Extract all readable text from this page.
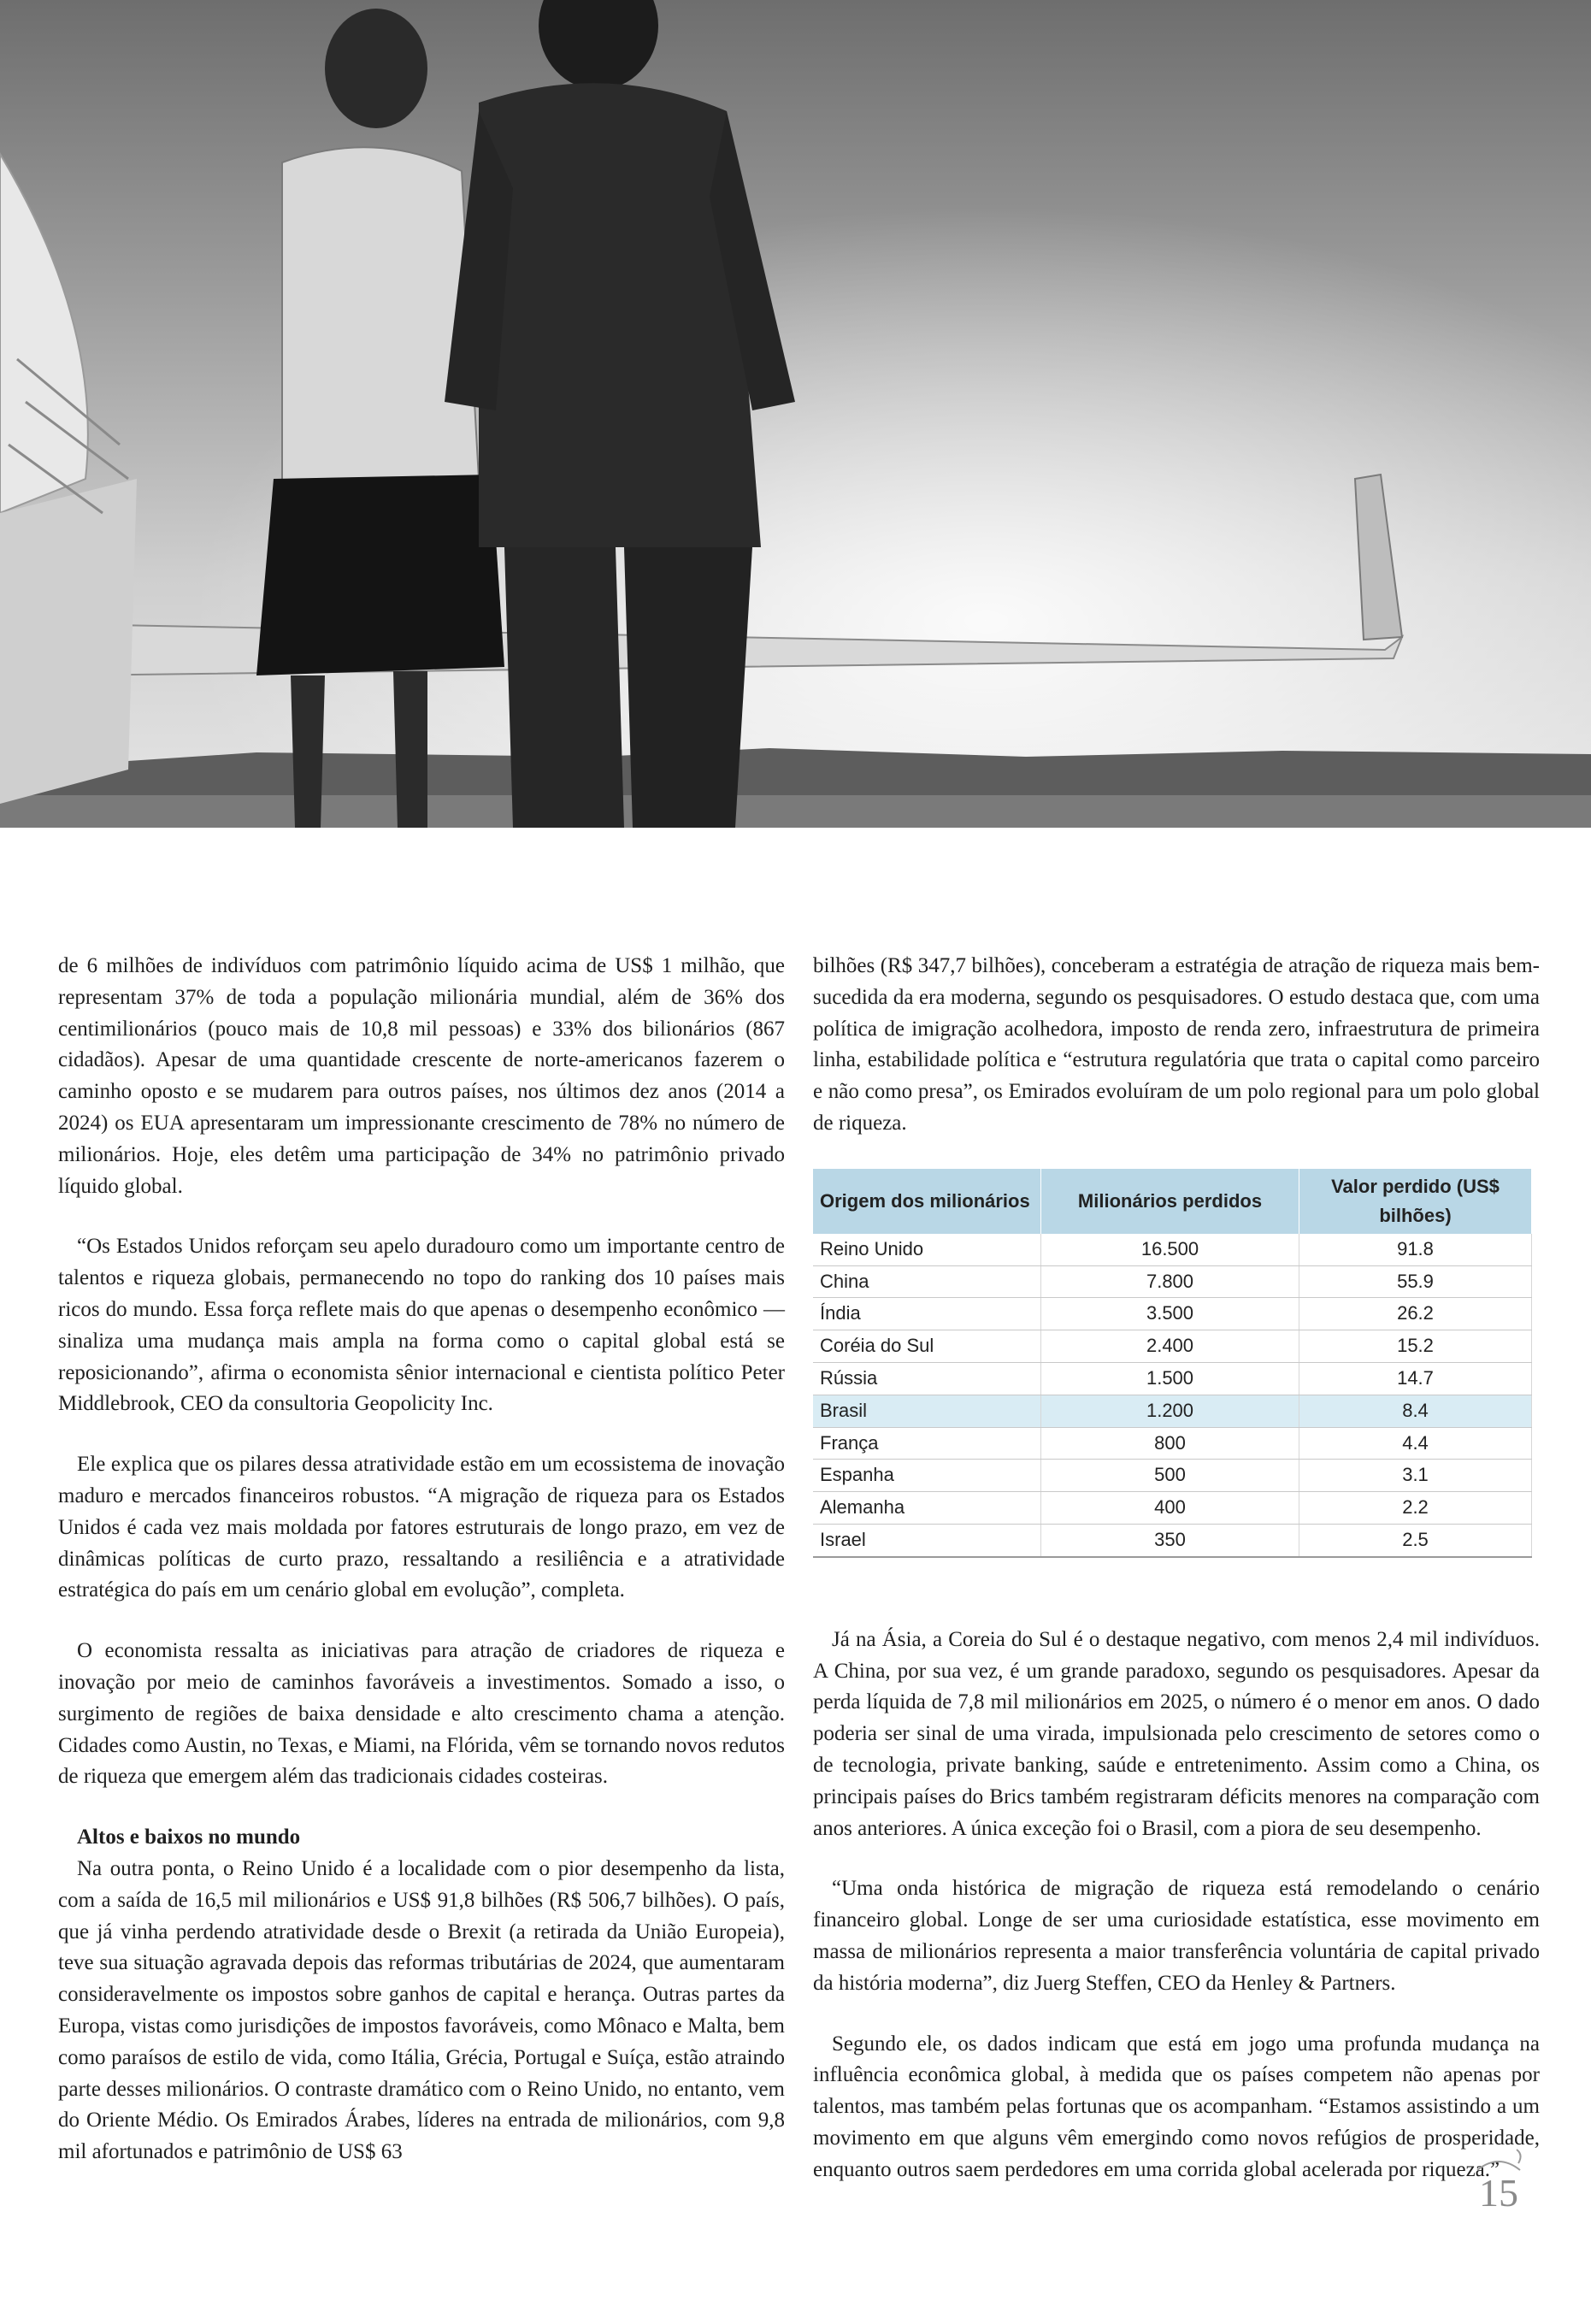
de 6 milhões de indivíduos com patrimônio líquido acima de US$ 1 milhão, que representam 37% de toda a população milionária mundial, além de 36% dos centimilionários (pouco mais de 10,8 mil pessoas) e 33% dos bilionários (867 cidadãos). Apesar de uma quantidade crescente de norte-americanos fazerem o caminho oposto e se mudarem para outros países, nos últimos dez anos (2014 a 2024) os EUA apresentaram um impressionante crescimento de 78% no número de milionários. Hoje, eles detêm uma participação de 34% no patrimônio privado líquido global.

“Os Estados Unidos reforçam seu apelo duradouro como um importante centro de talentos e riqueza globais, permanecendo no topo do ranking dos 10 países mais ricos do mundo. Essa força reflete mais do que apenas o desempenho econômico — sinaliza uma mudança mais ampla na forma como o capital global está se reposicionando”, afirma o economista sênior internacional e cientista político Peter Middlebrook, CEO da consultoria Geopolicity Inc.

Ele explica que os pilares dessa atratividade estão em um ecossistema de inovação maduro e mercados financeiros robustos. “A migração de riqueza para os Estados Unidos é cada vez mais moldada por fatores estruturais de longo prazo, em vez de dinâmicas políticas de curto prazo, ressaltando a resiliência e a atratividade estratégica do país em um cenário global em evolução”, completa.

O economista ressalta as iniciativas para atração de criadores de riqueza e inovação por meio de caminhos favoráveis a investimentos. Somado a isso, o surgimento de regiões de baixa densidade e alto crescimento chama a atenção. Cidades como Austin, no Texas, e Miami, na Flórida, vêm se tornando novos redutos de riqueza que emergem além das tradicionais cidades costeiras.

Altos e baixos no mundo

Na outra ponta, o Reino Unido é a localidade com o pior desempenho da lista, com a saída de 16,5 mil milionários e US$ 91,8 bilhões (R$ 506,7 bilhões). O país, que já vinha perdendo atratividade desde o Brexit (a retirada da União Europeia), teve sua situação agravada depois das reformas tributárias de 2024, que aumentaram consideravelmente os impostos sobre ganhos de capital e herança. Outras partes da Europa, vistas como jurisdições de impostos favoráveis, como Mônaco e Malta, bem como paraísos de estilo de vida, como Itália, Grécia, Portugal e Suíça, estão atraindo parte desses milionários. O contraste dramático com o Reino Unido, no entanto, vem do Oriente Médio. Os Emirados Árabes, líderes na entrada de milionários, com 9,8 mil afortunados e patrimônio de US$ 63

bilhões (R$ 347,7 bilhões), conceberam a estratégia de atração de riqueza mais bem-sucedida da era moderna, segundo os pesquisadores. O estudo destaca que, com uma política de imigração acolhedora, imposto de renda zero, infraestrutura de primeira linha, estabilidade política e “estrutura regulatória que trata o capital como parceiro e não como presa”, os Emirados evoluíram de um polo regional para um polo global de riqueza.

Origem dos milionários	Milionários perdidos	Valor perdido (US$ bilhões)
Reino Unido	16.500	91.8
China	7.800	55.9
Índia	3.500	26.2
Coréia do Sul	2.400	15.2
Rússia	1.500	14.7
Brasil	1.200	8.4
França	800	4.4
Espanha	500	3.1
Alemanha	400	2.2
Israel	350	2.5

Já na Ásia, a Coreia do Sul é o destaque negativo, com menos 2,4 mil indivíduos. A China, por sua vez, é um grande paradoxo, segundo os pesquisadores. Apesar da perda líquida de 7,8 mil milionários em 2025, o número é o menor em anos. O dado poderia ser sinal de uma virada, impulsionada pelo crescimento de setores como o de tecnologia, private banking, saúde e entretenimento. Assim como a China, os principais países do Brics também registraram déficits menores na comparação com anos anteriores. A única exceção foi o Brasil, com a piora de seu desempenho.

“Uma onda histórica de migração de riqueza está remodelando o cenário financeiro global. Longe de ser uma curiosidade estatística, esse movimento em massa de milionários representa a maior transferência voluntária de capital privado da história moderna”, diz Juerg Steffen, CEO da Henley & Partners.

Segundo ele, os dados indicam que está em jogo uma profunda mudança na influência econômica global, à medida que os países competem não apenas por talentos, mas também pelas fortunas que os acompanham. “Estamos assistindo a um movimento em que alguns vêm emergindo como novos refúgios de prosperidade, enquanto outros saem perdedores em uma corrida global acelerada por riqueza.”

15
